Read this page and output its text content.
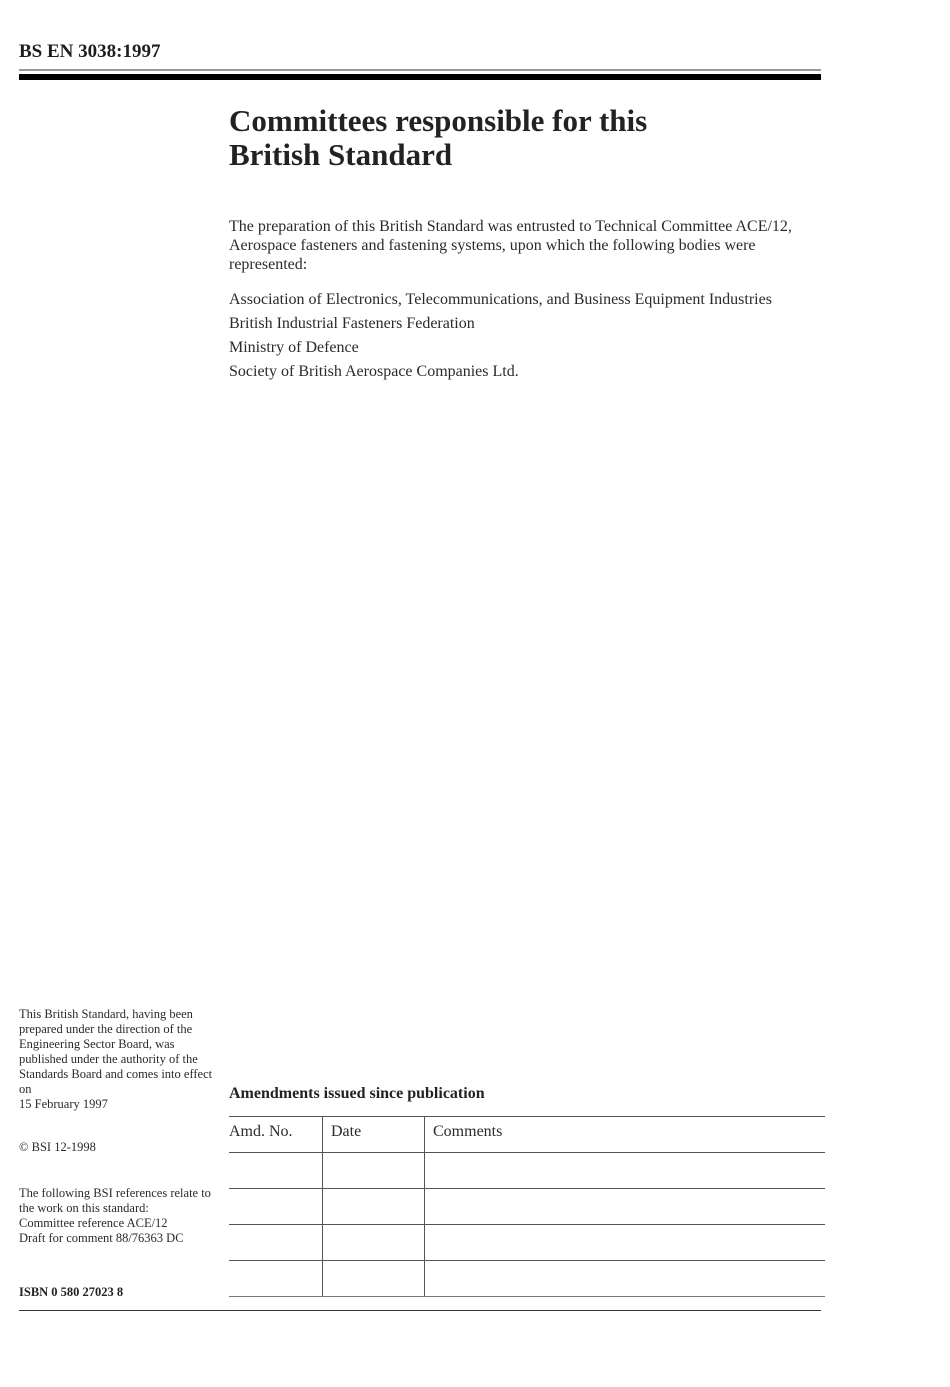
BS EN 3038:1997
Committees responsible for this
British Standard
The preparation of this British Standard was entrusted to Technical Committee ACE/12, Aerospace fasteners and fastening systems, upon which the following bodies were represented:
Association of Electronics, Telecommunications, and Business Equipment Industries
British Industrial Fasteners Federation
Ministry of Defence
Society of British Aerospace Companies Ltd.

This British Standard, having been prepared under the direction of the Engineering Sector Board, was published under the authority of the Standards Board and comes into effect on

15 February 1997

© BSI 12-1998

The following BSI references relate to the work on this standard:

Committee reference ACE/12

Draft for comment 88/76363 DC

ISBN 0 580 27023 8
Amendments issued since publication
Amd. No.	Date	Comments
